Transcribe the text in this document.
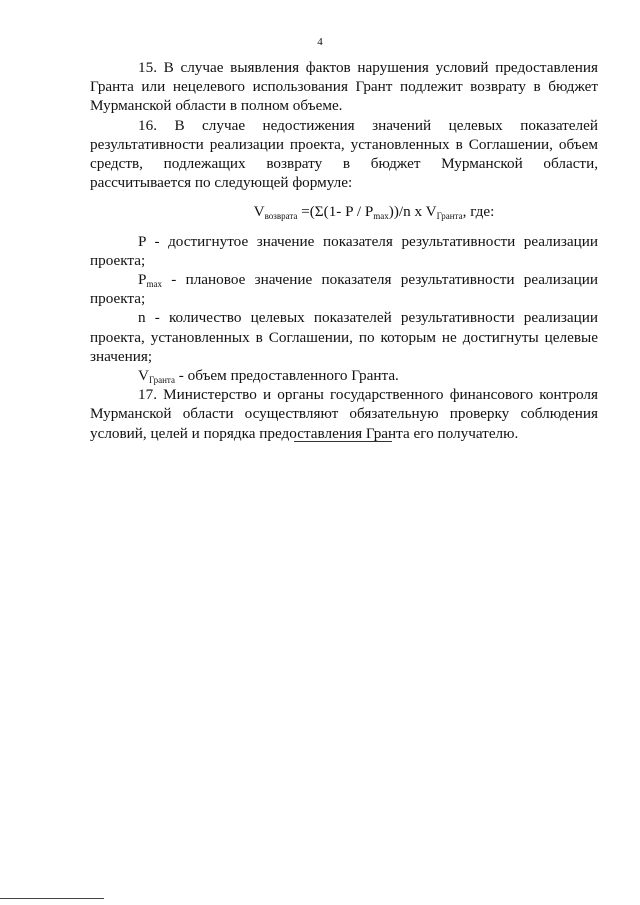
4

15. В случае выявления фактов нарушения условий предоставления Гранта или нецелевого использования Грант подлежит возврату в бюджет Мурманской области в полном объеме.

16. В случае недостижения значений целевых показателей результативности реализации проекта, установленных в Соглашении, объем средств, подлежащих возврату в бюджет Мурманской области, рассчитывается по следующей формуле:

$V_{возврата} =(\Sigma(1-$ P / $P_{max}))/n$ x $V_{Гранта}$, где:

P - достигнутое значение показателя результативности реализации проекта;

$P_{max}$ - плановое значение показателя результативности реализации проекта;

n - количество целевых показателей результативности реализации проекта, установленных в Соглашении, по которым не достигнуты целевые значения;

$V_{Гранта}$ - объем предоставленного Гранта.

17. Министерство и органы государственного финансового контроля Мурманской области осуществляют обязательную проверку соблюдения условий, целей и порядка предоставления Гранта его получателю.
